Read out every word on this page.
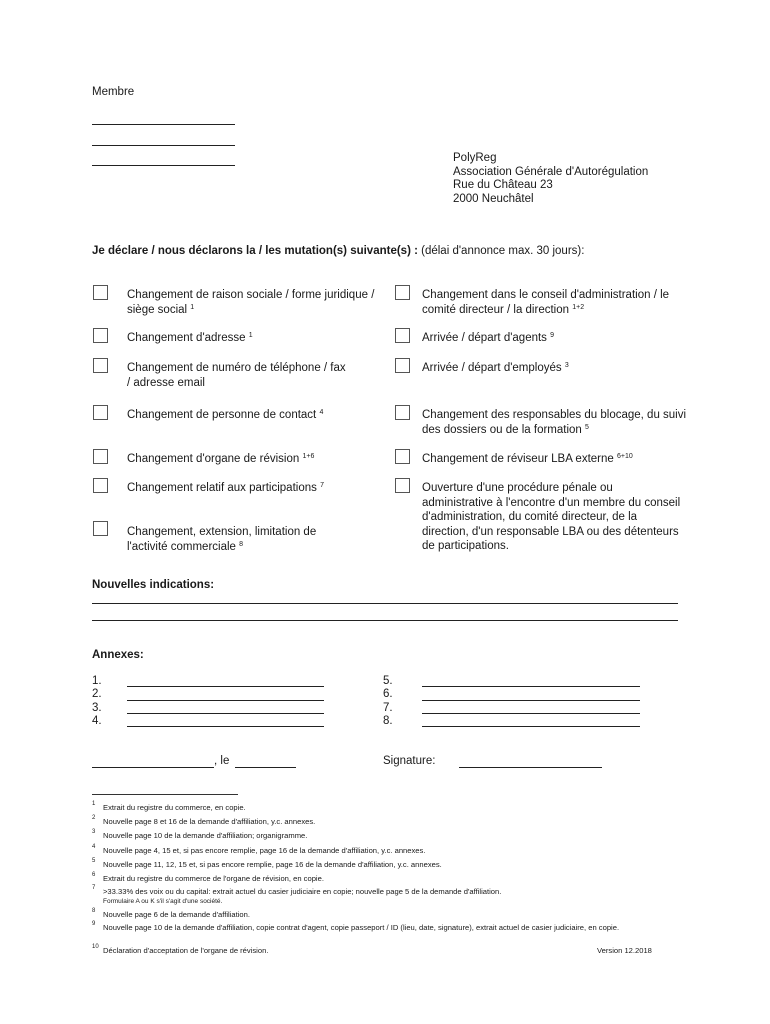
Membre
PolyReg
Association Générale d'Autorégulation
Rue du Château 23
2000 Neuchâtel
Je déclare / nous déclarons la / les mutation(s) suivante(s) : (délai d'annonce max. 30 jours):
Changement de raison sociale / forme juridique / siège social $^1$
Changement d'adresse $^1$
Changement de numéro de téléphone / fax / adresse email
Changement de personne de contact $^4$
Changement d'organe de révision $^{1+6}$
Changement relatif aux participations $^7$
Changement, extension, limitation de l'activité commerciale $^8$
Changement dans le conseil d'administration / le comité directeur / la direction $^{1+2}$
Arrivée / départ d'agents $^9$
Arrivée / départ d'employés $^3$
Changement des responsables du blocage, du suivi des dossiers ou de la formation $^5$
Changement de réviseur LBA externe $^{6+10}$
Ouverture d'une procédure pénale ou administrative à l'encontre d'un membre du conseil d'administration, du comité directeur, de la direction, d'un responsable LBA ou des détenteurs de participations.
Nouvelles indications:
Annexes:
1.
2.
3.
4.
5.
6.
7.
8.
, le	Signature:
1 Extrait du registre du commerce, en copie.
2 Nouvelle page 8 et 16 de la demande d'affiliation, y.c. annexes.
3 Nouvelle page 10 de la demande d'affiliation; organigramme.
4 Nouvelle page 4, 15 et, si pas encore remplie, page 16 de la demande d'affiliation, y.c. annexes.
5 Nouvelle page 11, 12, 15 et, si pas encore remplie, page 16 de la demande d'affiliation, y.c. annexes.
6 Extrait du registre du commerce de l'organe de révision, en copie.
7 >33.33% des voix ou du capital: extrait actuel du casier judiciaire en copie; nouvelle page 5 de la demande d'affiliation.
Formulaire A ou K s'il s'agit d'une société.
8 Nouvelle page 6 de la demande d'affiliation.
9 Nouvelle page 10 de la demande d'affiliation, copie contrat d'agent, copie passeport / ID (lieu, date, signature), extrait actuel de casier judiciaire, en copie.
10 Déclaration d'acceptation de l'organe de révision.	Version 12.2018
